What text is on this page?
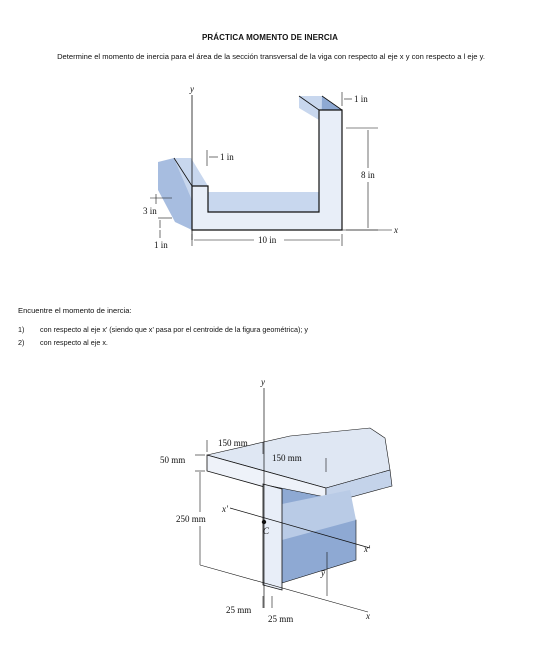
PRÁCTICA MOMENTO DE INERCIA
Determine el momento de inercia para el área de la sección transversal de la viga con respecto al eje x y con respecto a l eje y.
y
x
1 in
1 in
8 in
3 in
1 in	10 in
Encuentre el momento de inercia:
1) con respecto al eje x’ (siendo que x’ pasa por el centroide de la figura geométrica); y
2) con respecto al eje x.
y
x′
x′
x
C
y̅
150 mm
150 mm
50 mm
250 mm
25 mm
25 mm
